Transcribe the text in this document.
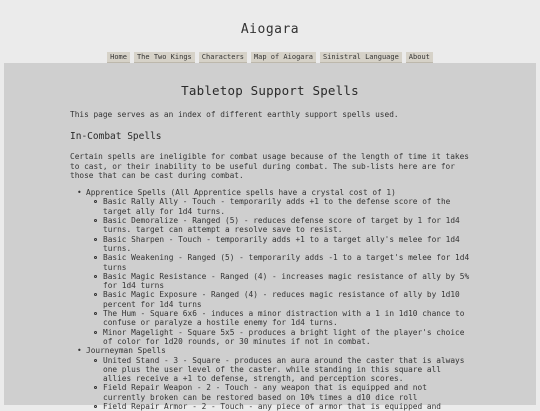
Aiogara
Home The Two Kings Characters Map of Aiogara Sinistral Language About
Tabletop Support Spells

This page serves as an index of different earthly support spells used.

In-Combat Spells

Certain spells are ineligible for combat usage because of the length of time it takes to cast, or their inability to be useful during combat. The sub-lists here are for those that can be cast during combat.

• Apprentice Spells (All Apprentice spells have a crystal cost of 1)
Basic Rally Ally - Touch - temporarily adds +1 to the defense score of the target ally for 1d4 turns.
Basic Demoralize - Ranged (5) - reduces defense score of target by 1 for 1d4 turns. target can attempt a resolve save to resist.
Basic Sharpen - Touch - temporarily adds +1 to a target ally's melee for 1d4 turns.
Basic Weakening - Ranged (5) - temporarily adds -1 to a target's melee for 1d4 turns
Basic Magic Resistance - Ranged (4) - increases magic resistance of ally by 5% for 1d4 turns
Basic Magic Exposure - Ranged (4) - reduces magic resistance of ally by 1d10 percent for 1d4 turns
The Hum - Square 6x6 - induces a minor distraction with a 1 in 1d10 chance to confuse or paralyze a hostile enemy for 1d4 turns.
Minor Magelight - Square 5x5 - produces a bright light of the player's choice of color for 1d20 rounds, or 30 minutes if not in combat.
• Journeyman Spells
United Stand - 3 - Square - produces an aura around the caster that is always one plus the user level of the caster. while standing in this square all allies receive a +1 to defense, strength, and perception scores.
Field Repair Weapon - 2 - Touch - any weapon that is equipped and not currently broken can be restored based on 10% times a d10 dice roll
Field Repair Armor - 2 - Touch - any piece of armor that is equipped and
